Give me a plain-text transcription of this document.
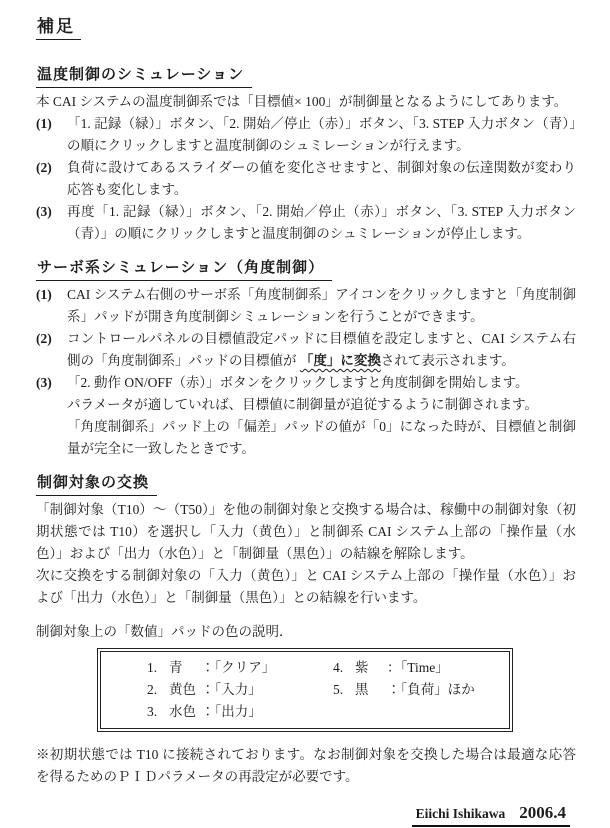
補足
温度制御のシミュレーション

本 CAI システムの温度制御系では「目標値× 100」が制御量となるようにしてあります。

(1)	「1. 記録（緑）」ボタン、「2. 開始／停止（赤）」ボタン、「3. STEP 入力ボタン（青）」の順にクリックしますと温度制御のシュミレーションが行えます。
(2)	負荷に設けてあるスライダーの値を変化させますと、制御対象の伝達関数が変わり応答も変化します。
(3)	再度「1. 記録（緑）」ボタン、「2. 開始／停止（赤）」ボタン、「3. STEP 入力ボタン（青）」の順にクリックしますと温度制御のシュミレーションが停止します。
サーボ系シミュレーション（角度制御）
(1)	CAI システム右側のサーボ系「角度制御系」アイコンをクリックしますと「角度制御系」パッドが開き角度制御シミュレーションを行うことができます。
(2)	コントロールパネルの目標値設定パッドに目標値を設定しますと、CAI システム右側の「角度制御系」パッドの目標値が 「度」に変換されて表示されます。
(3)	「2. 動作 ON/OFF（赤）」ボタンをクリックしますと角度制御を開始します。
パラメータが適していれば、目標値に制御量が追従するように制御されます。
「角度制御系」パッド上の「偏差」パッドの値が「0」になった時が、目標値と制御量が完全に一致したときです。
制御対象の交換

「制御対象（T10）～（T50）」を他の制御対象と交換する場合は、稼働中の制御対象（初期状態では T10）を選択し「入力（黄色）」と制御系 CAI システム上部の「操作量（水色）」および「出力（水色）」と「制御量（黒色）」の結線を解除します。

次に交換をする制御対象の「入力（黄色）」と CAI システム上部の「操作量（水色）」および「出力（水色）」と「制御量（黒色）」との結線を行います。

制御対象上の「数値」パッドの色の説明．

1. 青 ：「クリア」
2. 黄色 ：「入力」
3. 水色 ：「出力」
4. 紫 ：「Time」
5. 黒 ：「負荷」ほか

※初期状態では T10 に接続されております。なお制御対象を交換した場合は最適な応答を得るためのＰＩＤパラメータの再設定が必要です。

Eiichi Ishikawa 2006.4
